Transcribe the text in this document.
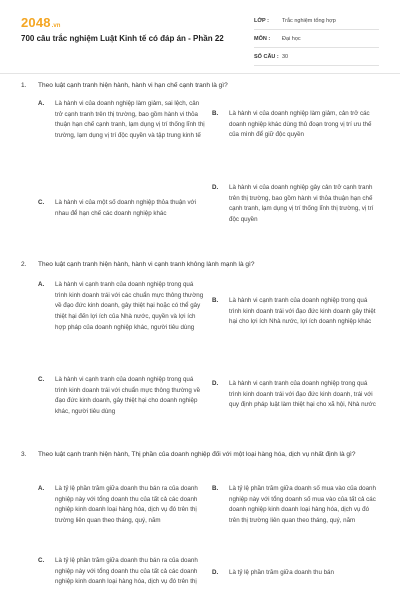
2048 .vn
700 câu trắc nghiệm Luật Kinh tế có đáp án - Phần 22
LỚP :	Trắc nghiệm tổng hợp
MÔN :	Đại học
SỐ CÂU : 30
1.	Theo luật cạnh tranh hiện hành, hành vi hạn chế cạnh tranh là gì?
A.	Là hành vi của doanh nghiệp làm giảm, sai lệch, cản trở cạnh tranh trên thị trường, bao gồm hành vi thỏa thuận hạn chế cạnh tranh, lạm dụng vị trí thống lĩnh thị trường, lạm dụng vị trí độc quyền và tập trung kinh tế
B.	Là hành vi của doanh nghiệp làm giảm, cản trở các doanh nghiệp khác dùng thủ đoạn trong vị trí ưu thế của mình để giữ độc quyền
C.	Là hành vi của một số doanh nghiệp thỏa thuận với nhau để hạn chế các doanh nghiệp khác
D.	Là hành vi của doanh nghiệp gây cản trở cạnh tranh trên thị trường, bao gồm hành vi thỏa thuận hạn chế cạnh tranh, lạm dụng vị trí thống lĩnh thị trường, vị trí độc quyền
2.	Theo luật cạnh tranh hiện hành, hành vi cạnh tranh không lành mạnh là gì?
A.	Là hành vi cạnh tranh của doanh nghiệp trong quá trình kinh doanh trái với các chuẩn mực thông thường về đạo đức kinh doanh, gây thiệt hại hoặc có thể gây thiệt hại đến lợi ích của Nhà nước, quyền và lợi ích hợp pháp của doanh nghiệp khác, người tiêu dùng
B.	Là hành vi cạnh tranh của doanh nghiệp trong quá trình kinh doanh trái với đạo đức kinh doanh gây thiệt hại cho lợi ích Nhà nước, lợi ích doanh nghiệp khác
C.	Là hành vi cạnh tranh của doanh nghiệp trong quá trình kinh doanh trái với chuẩn mực thông thường về đạo đức kinh doanh, gây thiệt hại cho doanh nghiệp khác, người tiêu dùng
D.	Là hành vi cạnh tranh của doanh nghiệp trong quá trình kinh doanh trái với đạo đức kinh doanh, trái với quy định pháp luật làm thiệt hại cho xã hội, Nhà nước
3.	Theo luật cạnh tranh hiện hành, Thị phần của doanh nghiệp đối với một loại hàng hóa, dịch vụ nhất định là gì?
A.	Là tỷ lệ phần trăm giữa doanh thu bán ra của doanh nghiệp này với tổng doanh thu của tất cả các doanh nghiệp kinh doanh loại hàng hóa, dịch vụ đó trên thị trường liên quan theo tháng, quý, năm
B.	Là tỷ lệ phần trăm giữa doanh số mua vào của doanh nghiệp này với tổng doanh số mua vào của tất cả các doanh nghiệp kinh doanh loại hàng hóa, dịch vụ đó trên thị trường liên quan theo tháng, quý, năm
C.	Là tỷ lệ phần trăm giữa doanh thu bán ra của doanh nghiệp này với tổng doanh thu của tất cả các doanh nghiệp kinh doanh loại hàng hóa, dịch vụ đó trên thị
D.	Là tỷ lệ phần trăm giữa doanh thu bán
